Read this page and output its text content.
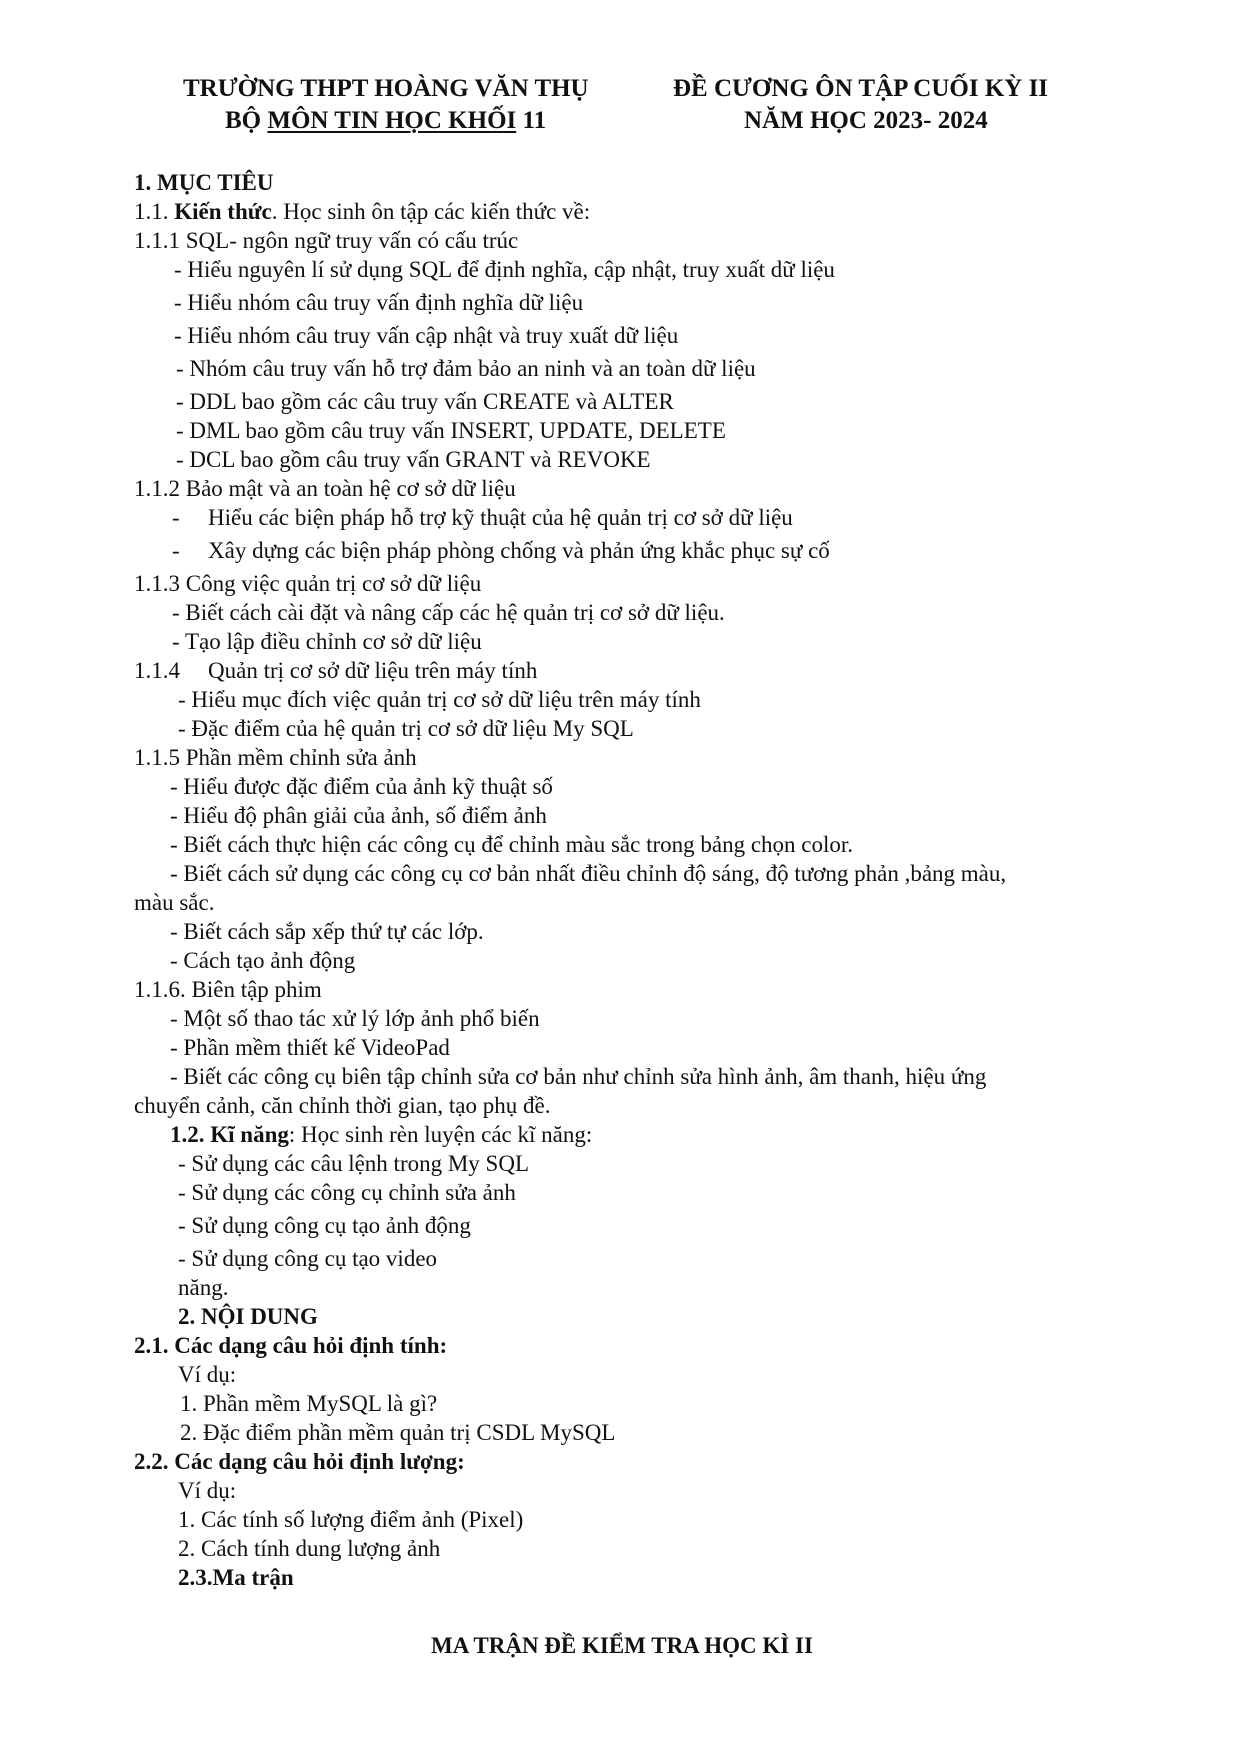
TRƯỜNG THPT HOÀNG VĂN THỤ
BỘ MÔN TIN HỌC KHỐI 11
ĐỀ CƯƠNG ÔN TẬP CUỐI KỲ II
NĂM HỌC 2023- 2024
1. MỤC TIÊU
1.1. Kiến thức. Học sinh ôn tập các kiến thức về:
1.1.1 SQL- ngôn ngữ truy vấn có cấu trúc
- Hiểu nguyên lí sử dụng SQL để định nghĩa, cập nhật, truy xuất dữ liệu
- Hiểu nhóm câu truy vấn định nghĩa dữ liệu
- Hiểu nhóm câu truy vấn cập nhật và truy xuất dữ liệu
- Nhóm câu truy vấn hỗ trợ đảm bảo an ninh và an toàn dữ liệu
- DDL bao gồm các câu truy vấn CREATE và ALTER
- DML bao gồm câu truy vấn INSERT, UPDATE, DELETE
- DCL bao gồm câu truy vấn GRANT và REVOKE
1.1.2 Bảo mật và an toàn hệ cơ sở dữ liệu
- Hiểu các biện pháp hỗ trợ kỹ thuật của hệ quản trị cơ sở dữ liệu
- Xây dựng các biện pháp phòng chống và phản ứng khắc phục sự cố
1.1.3 Công việc quản trị cơ sở dữ liệu
- Biết cách cài đặt và nâng cấp các hệ quản trị cơ sở dữ liệu.
- Tạo lập điều chỉnh cơ sở dữ liệu
1.1.4 Quản trị cơ sở dữ liệu trên máy tính
- Hiểu mục đích việc quản trị cơ sở dữ liệu trên máy tính
- Đặc điểm của hệ quản trị cơ sở dữ liệu My SQL
1.1.5 Phần mềm chỉnh sửa ảnh
- Hiểu được đặc điểm của ảnh kỹ thuật số
- Hiểu độ phân giải của ảnh, số điểm ảnh
- Biết cách thực hiện các công cụ để chỉnh màu sắc trong bảng chọn color.
- Biết cách sử dụng các công cụ cơ bản nhất điều chỉnh độ sáng, độ tương phản ,bảng màu,
màu sắc.
- Biết cách sắp xếp thứ tự các lớp.
- Cách tạo ảnh động
1.1.6. Biên tập phim
- Một số thao tác xử lý lớp ảnh phổ biến
- Phần mềm thiết kế VideoPad
- Biết các công cụ biên tập chỉnh sửa cơ bản như chỉnh sửa hình ảnh, âm thanh, hiệu ứng
chuyển cảnh, căn chỉnh thời gian, tạo phụ đề.
1.2. Kĩ năng: Học sinh rèn luyện các kĩ năng:
- Sử dụng các câu lệnh trong My SQL
- Sử dụng các công cụ chỉnh sửa ảnh
- Sử dụng công cụ tạo ảnh động
- Sử dụng công cụ tạo video
năng.
2. NỘI DUNG
2.1. Các dạng câu hỏi định tính:
Ví dụ:
1. Phần mềm MySQL là gì?
2. Đặc điểm phần mềm quản trị CSDL MySQL
2.2. Các dạng câu hỏi định lượng:
Ví dụ:
1. Các tính số lượng điểm ảnh (Pixel)
2. Cách tính dung lượng ảnh
2.3.Ma trận
MA TRẬN ĐỀ KIỂM TRA HỌC KÌ II
